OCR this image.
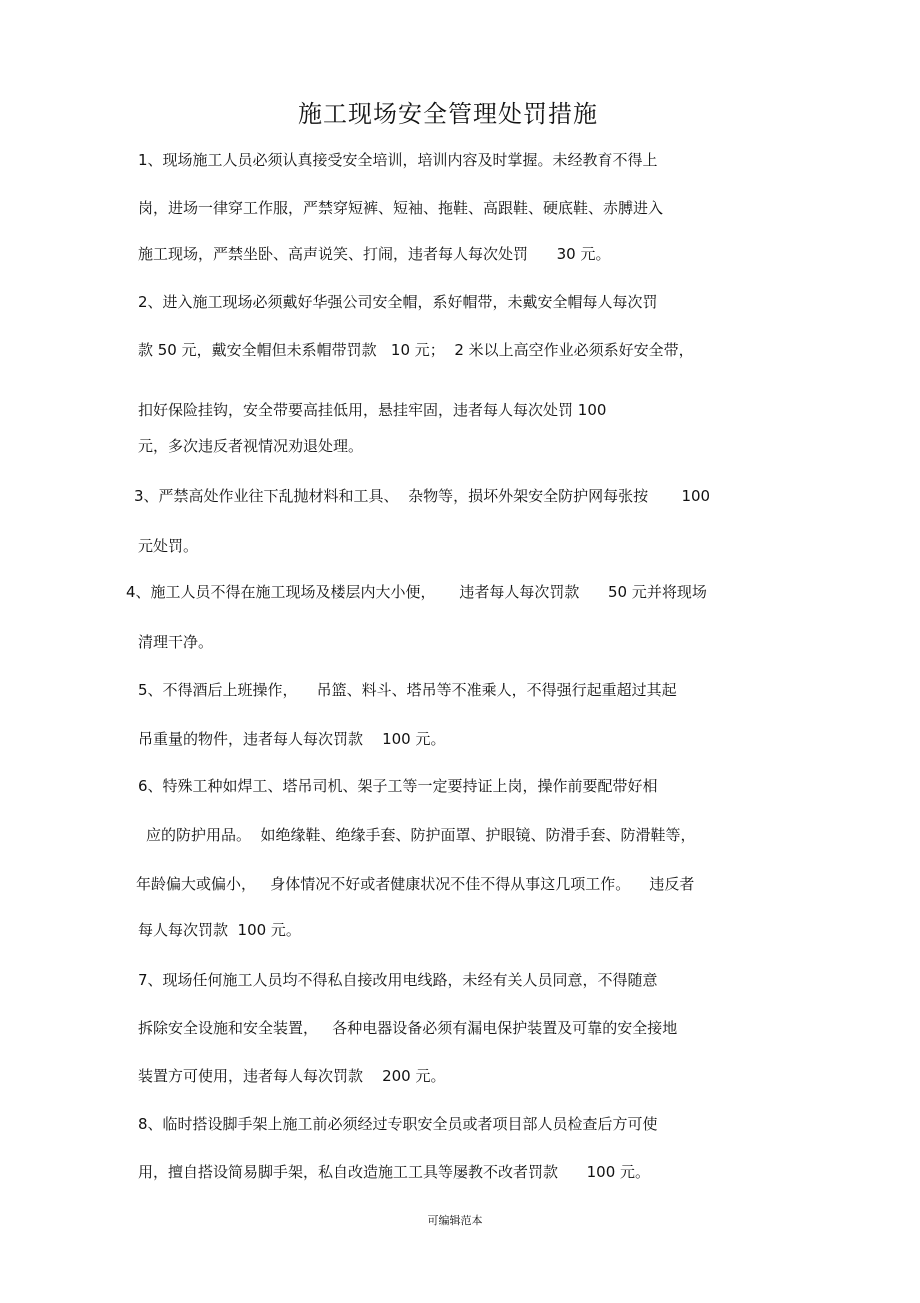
施工现场安全管理处罚措施
1、现场施工人员必须认真接受安全培训，培训内容及时掌握。未经教育不得上
岗，进场一律穿工作服，严禁穿短裤、短袖、拖鞋、高跟鞋、硬底鞋、赤膊进入
施工现场，严禁坐卧、高声说笑、打闹，违者每人每次处罚      30 元。
2、进入施工现场必须戴好华强公司安全帽，系好帽带，未戴安全帽每人每次罚
款 50 元，戴安全帽但未系帽带罚款   10 元；  2 米以上高空作业必须系好安全带，
扣好保险挂钩，安全带要高挂低用，悬挂牢固，违者每人每次处罚 100
元，多次违反者视情况劝退处理。
3、严禁高处作业往下乱抛材料和工具、  杂物等，损坏外架安全防护网每张按       100
元处罚。
4、施工人员不得在施工现场及楼层内大小便，     违者每人每次罚款      50 元并将现场
清理干净。
5、不得酒后上班操作，    吊篮、料斗、塔吊等不准乘人，不得强行起重超过其起
吊重量的物件，违者每人每次罚款    100 元。
6、特殊工种如焊工、塔吊司机、架子工等一定要持证上岗，操作前要配带好相
应的防护用品。  如绝缘鞋、绝缘手套、防护面罩、护眼镜、防滑手套、防滑鞋等，
年龄偏大或偏小，   身体情况不好或者健康状况不佳不得从事这几项工作。    违反者
每人每次罚款  100 元。
7、现场任何施工人员均不得私自接改用电线路，未经有关人员同意，不得随意
拆除安全设施和安全装置，   各种电器设备必须有漏电保护装置及可靠的安全接地
装置方可使用，违者每人每次罚款    200 元。
8、临时搭设脚手架上施工前必须经过专职安全员或者项目部人员检查后方可使
用，擅自搭设简易脚手架，私自改造施工工具等屡教不改者罚款      100 元。
可编辑范本
